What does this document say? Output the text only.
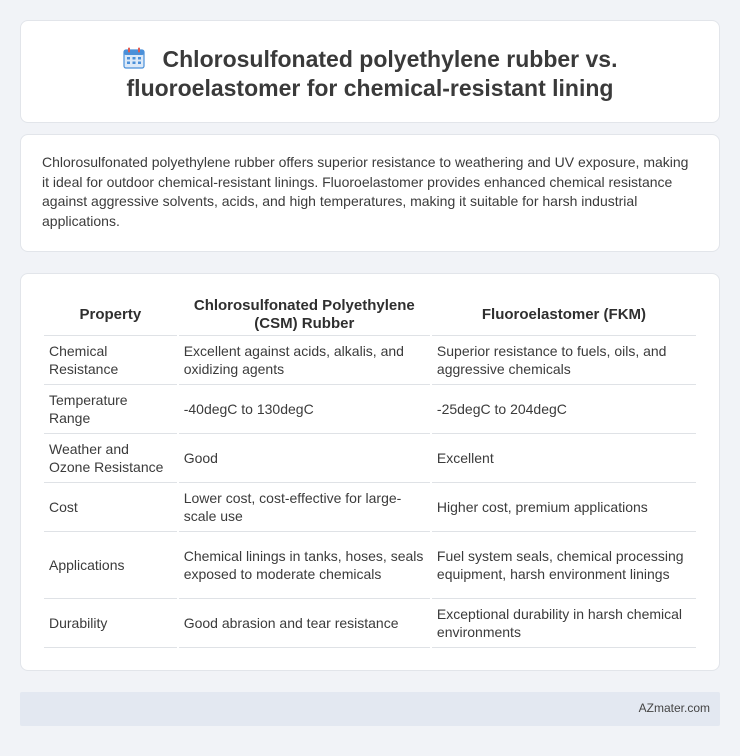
Chlorosulfonated polyethylene rubber vs. fluoroelastomer for chemical-resistant lining

Chlorosulfonated polyethylene rubber offers superior resistance to weathering and UV exposure, making it ideal for outdoor chemical-resistant linings. Fluoroelastomer provides enhanced chemical resistance against aggressive solvents, acids, and high temperatures, making it suitable for harsh industrial applications.

Property	Chlorosulfonated Polyethylene (CSM) Rubber	Fluoroelastomer (FKM)
Chemical Resistance	Excellent against acids, alkalis, and oxidizing agents	Superior resistance to fuels, oils, and aggressive chemicals
Temperature Range	-40degC to 130degC	-25degC to 204degC
Weather and Ozone Resistance	Good	Excellent
Cost	Lower cost, cost-effective for large-scale use	Higher cost, premium applications
Applications	Chemical linings in tanks, hoses, seals exposed to moderate chemicals	Fuel system seals, chemical processing equipment, harsh environment linings
Durability	Good abrasion and tear resistance	Exceptional durability in harsh chemical environments
AZmater.com
